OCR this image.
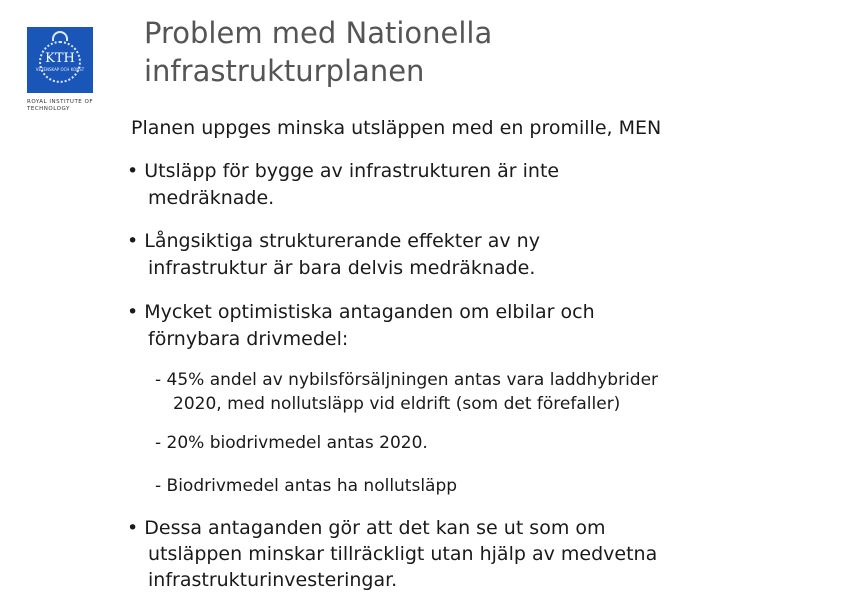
KTH
VETENSKAP OCH KONST
ROYAL INSTITUTE OF TECHNOLOGY
Problem med Nationella
infrastrukturplanen
Planen uppges minska utsläppen med en promille, MEN
• Utsläpp för bygge av infrastrukturen är inte
medräknade.
• Långsiktiga strukturerande effekter av ny
infrastruktur är bara delvis medräknade.
• Mycket optimistiska antaganden om elbilar och
förnybara drivmedel:
- 45% andel av nybilsförsäljningen antas vara laddhybrider
2020, med nollutsläpp vid eldrift (som det förefaller)
- 20% biodrivmedel antas 2020.
- Biodrivmedel antas ha nollutsläpp
• Dessa antaganden gör att det kan se ut som om
utsläppen minskar tillräckligt utan hjälp av medvetna
infrastrukturinvesteringar.
